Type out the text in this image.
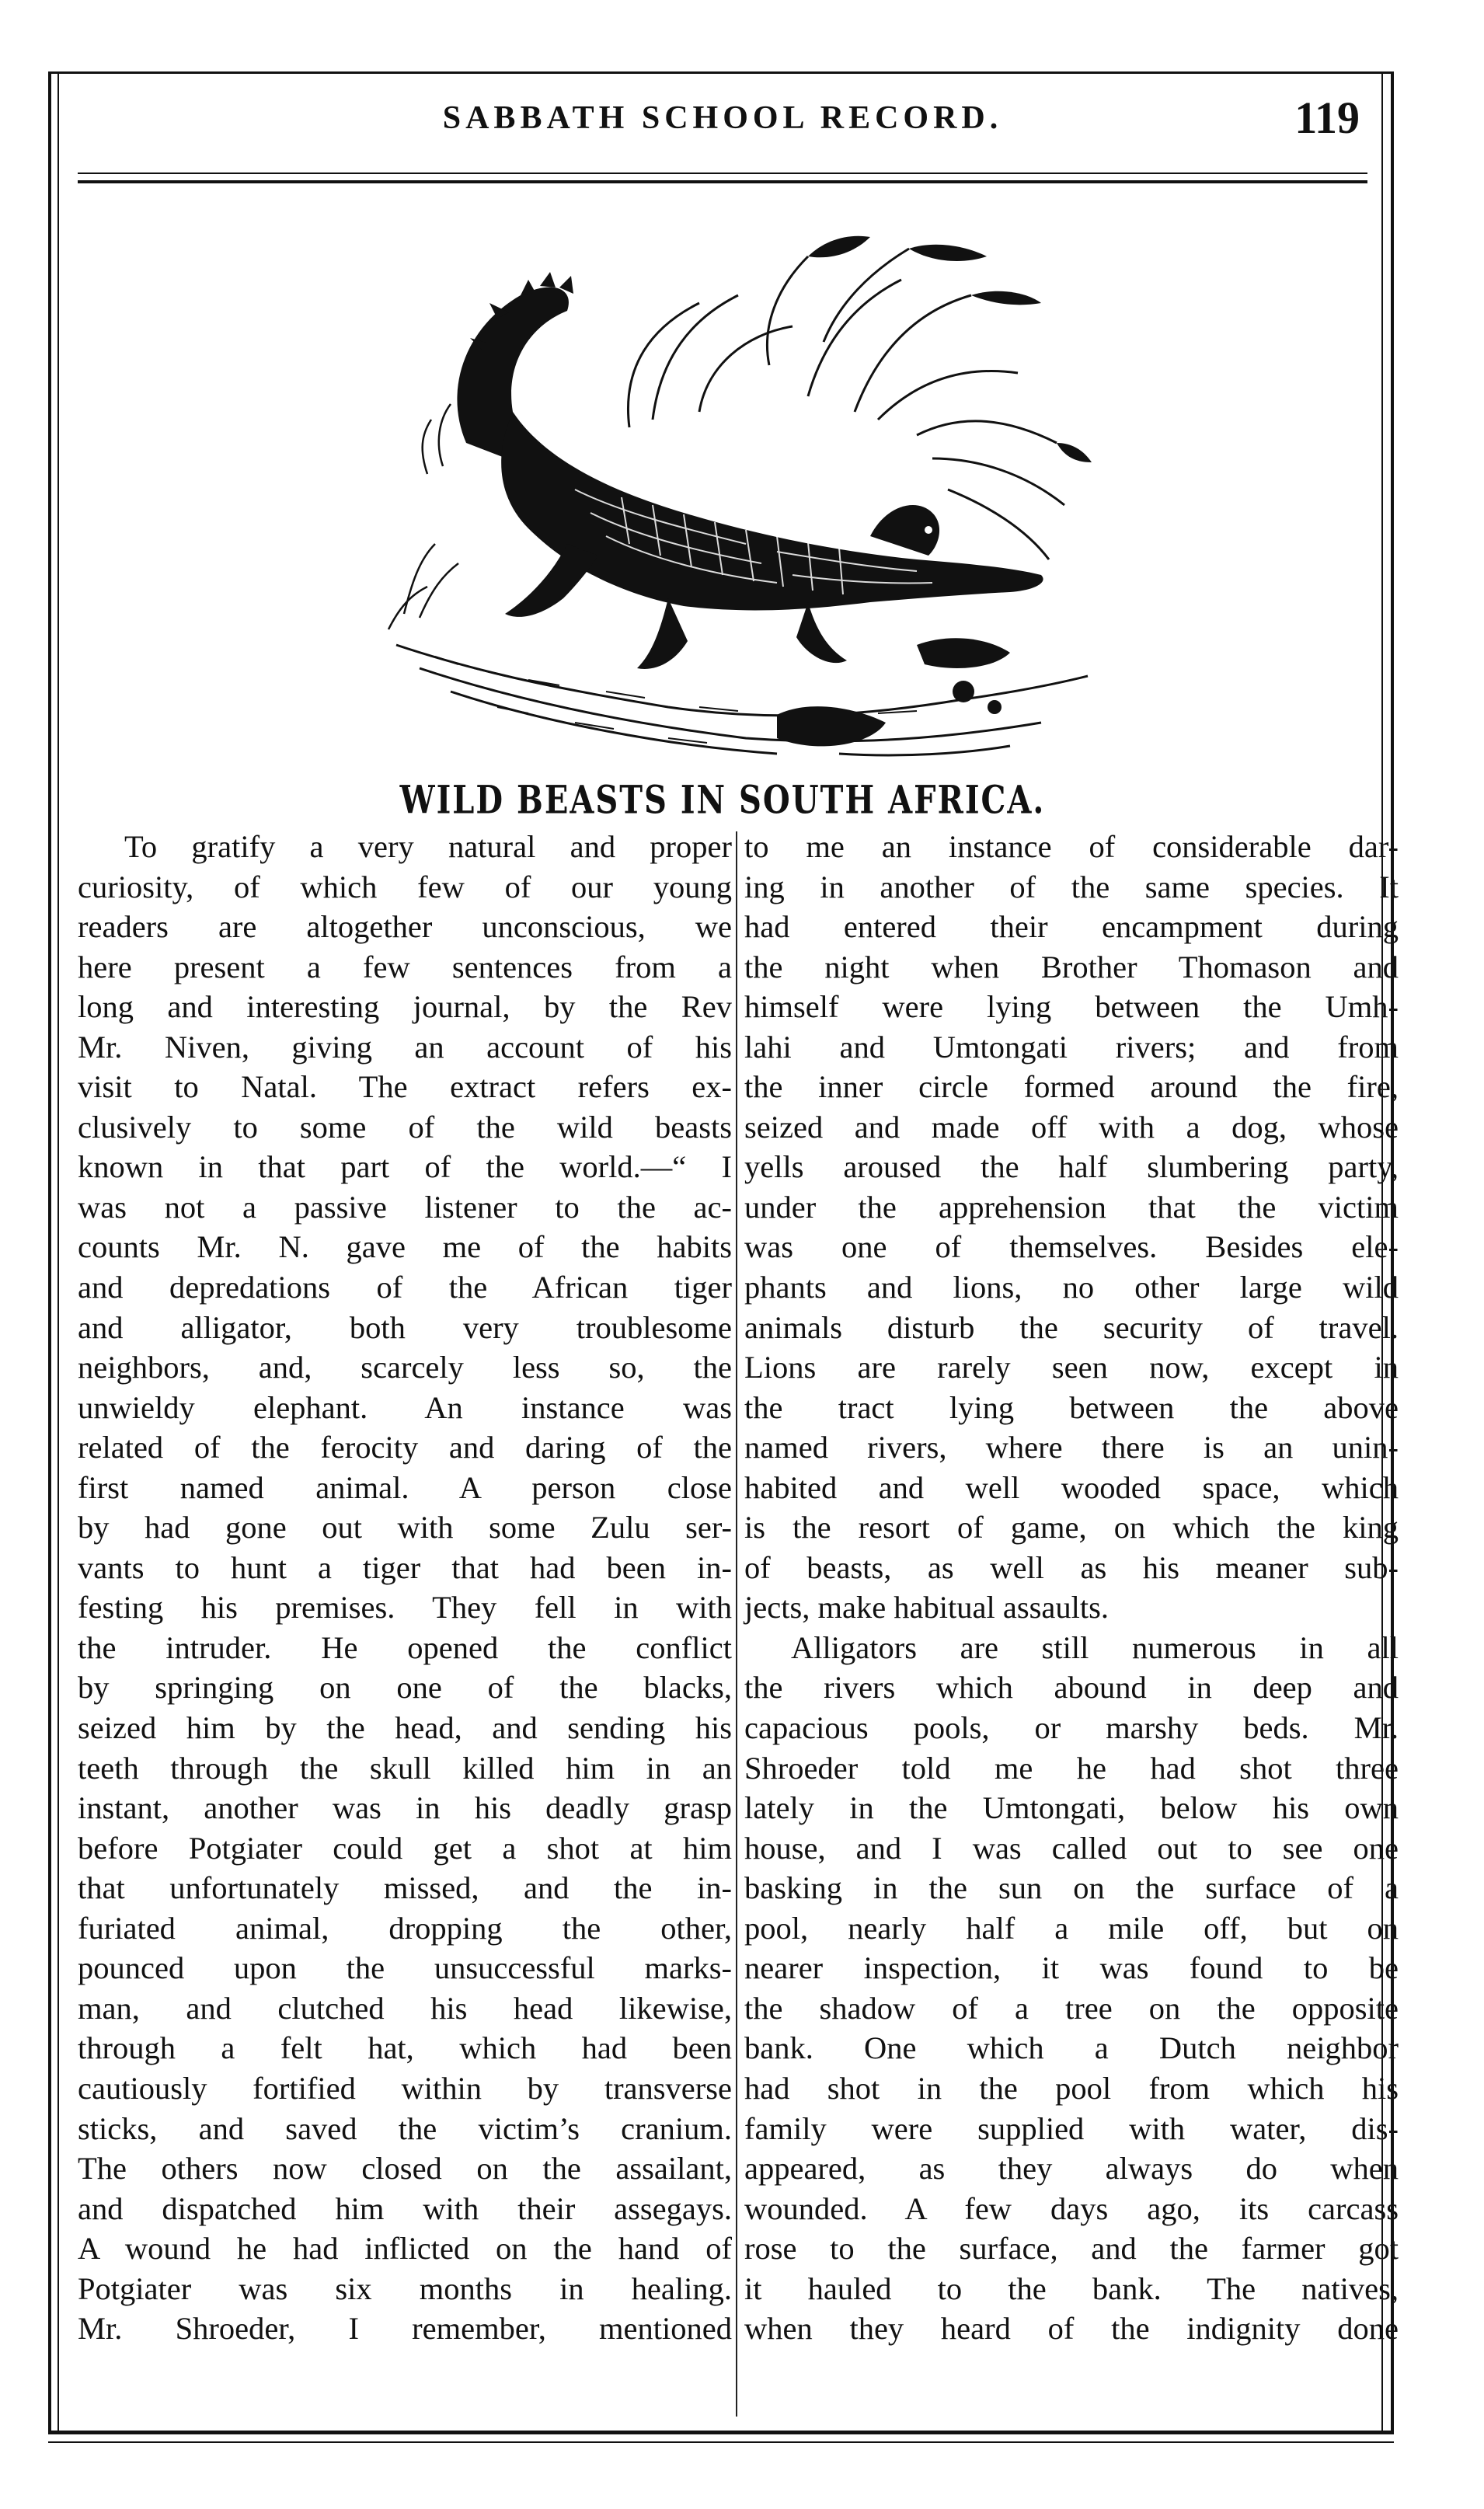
SABBATH SCHOOL RECORD.	119
WILD BEASTS IN SOUTH AFRICA.
To gratify a very natural and proper
curiosity, of which few of our young
readers are altogether unconscious, we
here present a few sentences from a
long and interesting journal, by the Rev
Mr. Niven, giving an account of his
visit to Natal. The extract refers ex-
clusively to some of the wild beasts
known in that part of the world.—“ I
was not a passive listener to the ac-
counts Mr. N. gave me of the habits
and depredations of the African tiger
and alligator, both very troublesome
neighbors, and, scarcely less so, the
unwieldy elephant. An instance was
related of the ferocity and daring of the
first named animal. A person close
by had gone out with some Zulu ser-
vants to hunt a tiger that had been in-
festing his premises. They fell in with
the intruder. He opened the conflict
by springing on one of the blacks,
seized him by the head, and sending his
teeth through the skull killed him in an
instant, another was in his deadly grasp
before Potgiater could get a shot at him
that unfortunately missed, and the in-
furiated animal, dropping the other,
pounced upon the unsuccessful marks-
man, and clutched his head likewise,
through a felt hat, which had been
cautiously fortified within by transverse
sticks, and saved the victim’s cranium.
The others now closed on the assailant,
and dispatched him with their assegays.
A wound he had inflicted on the hand of
Potgiater was six months in healing.
Mr. Shroeder, I remember, mentioned
to me an instance of considerable dar-
ing in another of the same species. It
had entered their encampment during
the night when Brother Thomason and
himself were lying between the Umh-
lahi and Umtongati rivers; and from
the inner circle formed around the fire,
seized and made off with a dog, whose
yells aroused the half slumbering party,
under the apprehension that the victim
was one of themselves. Besides ele-
phants and lions, no other large wild
animals disturb the security of travel.
Lions are rarely seen now, except in
the tract lying between the above
named rivers, where there is an unin-
habited and well wooded space, which
is the resort of game, on which the king
of beasts, as well as his meaner sub-
jects, make habitual assaults.
Alligators are still numerous in all
the rivers which abound in deep and
capacious pools, or marshy beds. Mr.
Shroeder told me he had shot three
lately in the Umtongati, below his own
house, and I was called out to see one
basking in the sun on the surface of a
pool, nearly half a mile off, but on
nearer inspection, it was found to be
the shadow of a tree on the opposite
bank. One which a Dutch neighbor
had shot in the pool from which his
family were supplied with water, dis-
appeared, as they always do when
wounded. A few days ago, its carcass
rose to the surface, and the farmer got
it hauled to the bank. The natives,
when they heard of the indignity done
